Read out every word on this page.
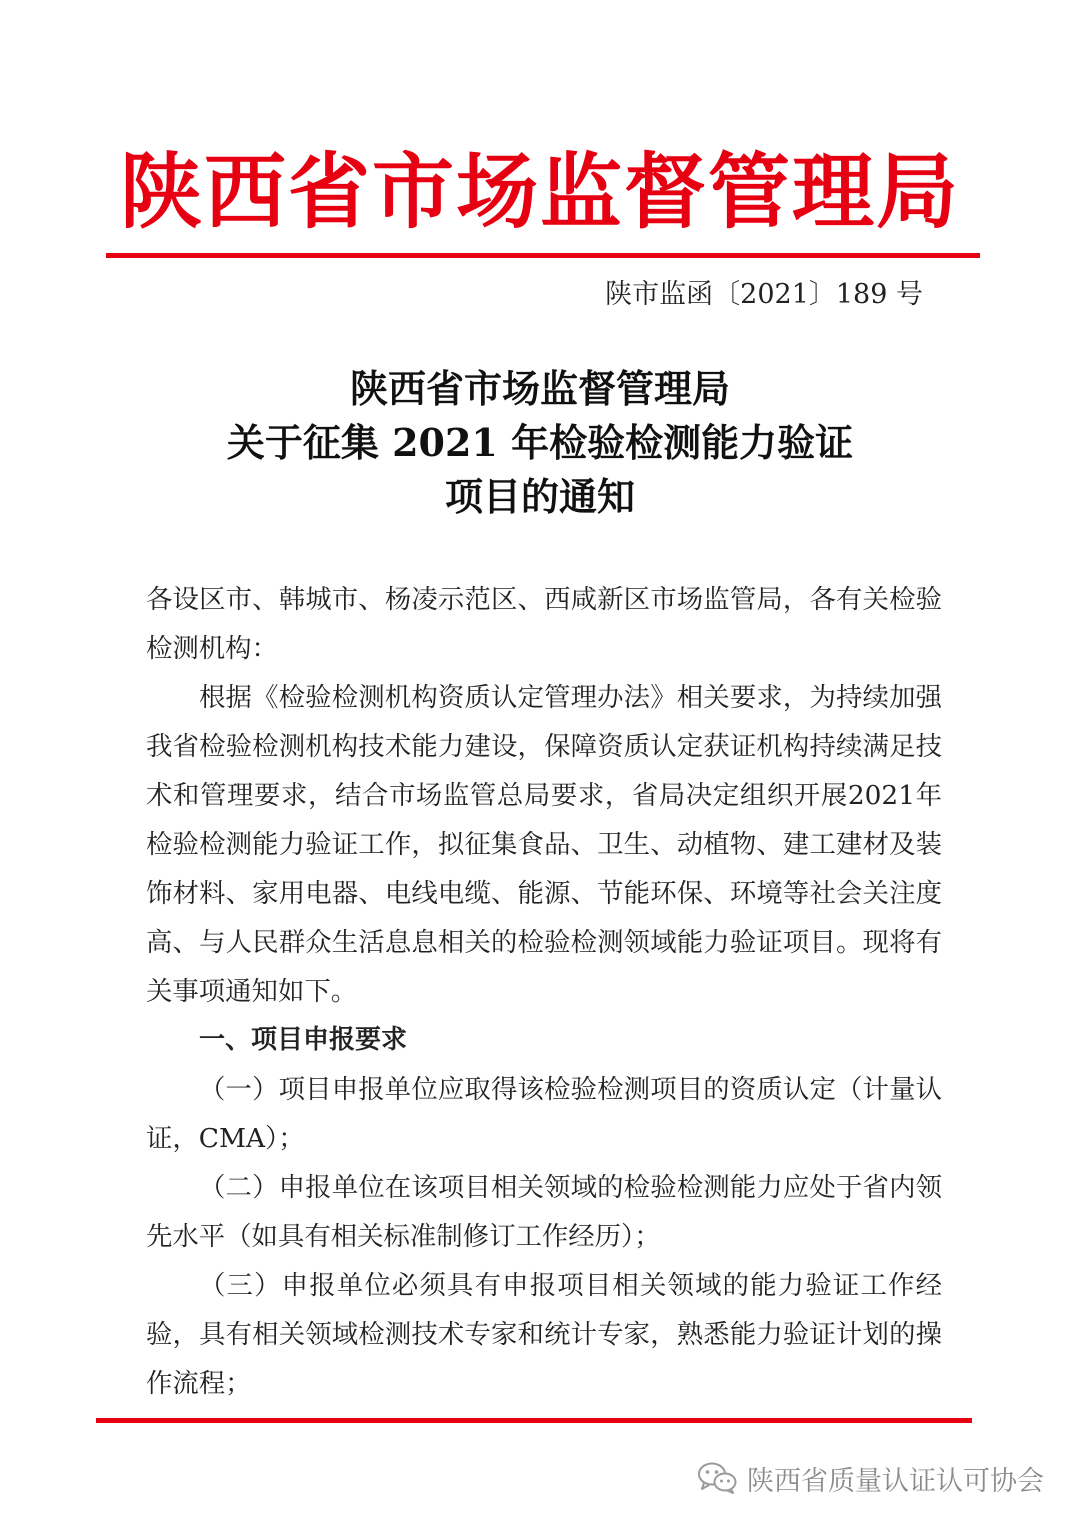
陕西省市场监督管理局
陕市监函〔2021〕189 号
陕西省市场监督管理局
关于征集 2021 年检验检测能力验证
项目的通知

各设区市、韩城市、杨凌示范区、西咸新区市场监管局，各有关检验检测机构：

根据《检验检测机构资质认定管理办法》相关要求，为持续加强我省检验检测机构技术能力建设，保障资质认定获证机构持续满足技术和管理要求，结合市场监管总局要求，省局决定组织开展2021年检验检测能力验证工作，拟征集食品、卫生、动植物、建工建材及装饰材料、家用电器、电线电缆、能源、节能环保、环境等社会关注度高、与人民群众生活息息相关的检验检测领域能力验证项目。现将有关事项通知如下。

一、项目申报要求

（一）项目申报单位应取得该检验检测项目的资质认定（计量认证，CMA）；

（二）申报单位在该项目相关领域的检验检测能力应处于省内领先水平（如具有相关标准制修订工作经历）；

（三）申报单位必须具有申报项目相关领域的能力验证工作经验，具有相关领域检测技术专家和统计专家，熟悉能力验证计划的操作流程；

陕西省质量认证认可协会
